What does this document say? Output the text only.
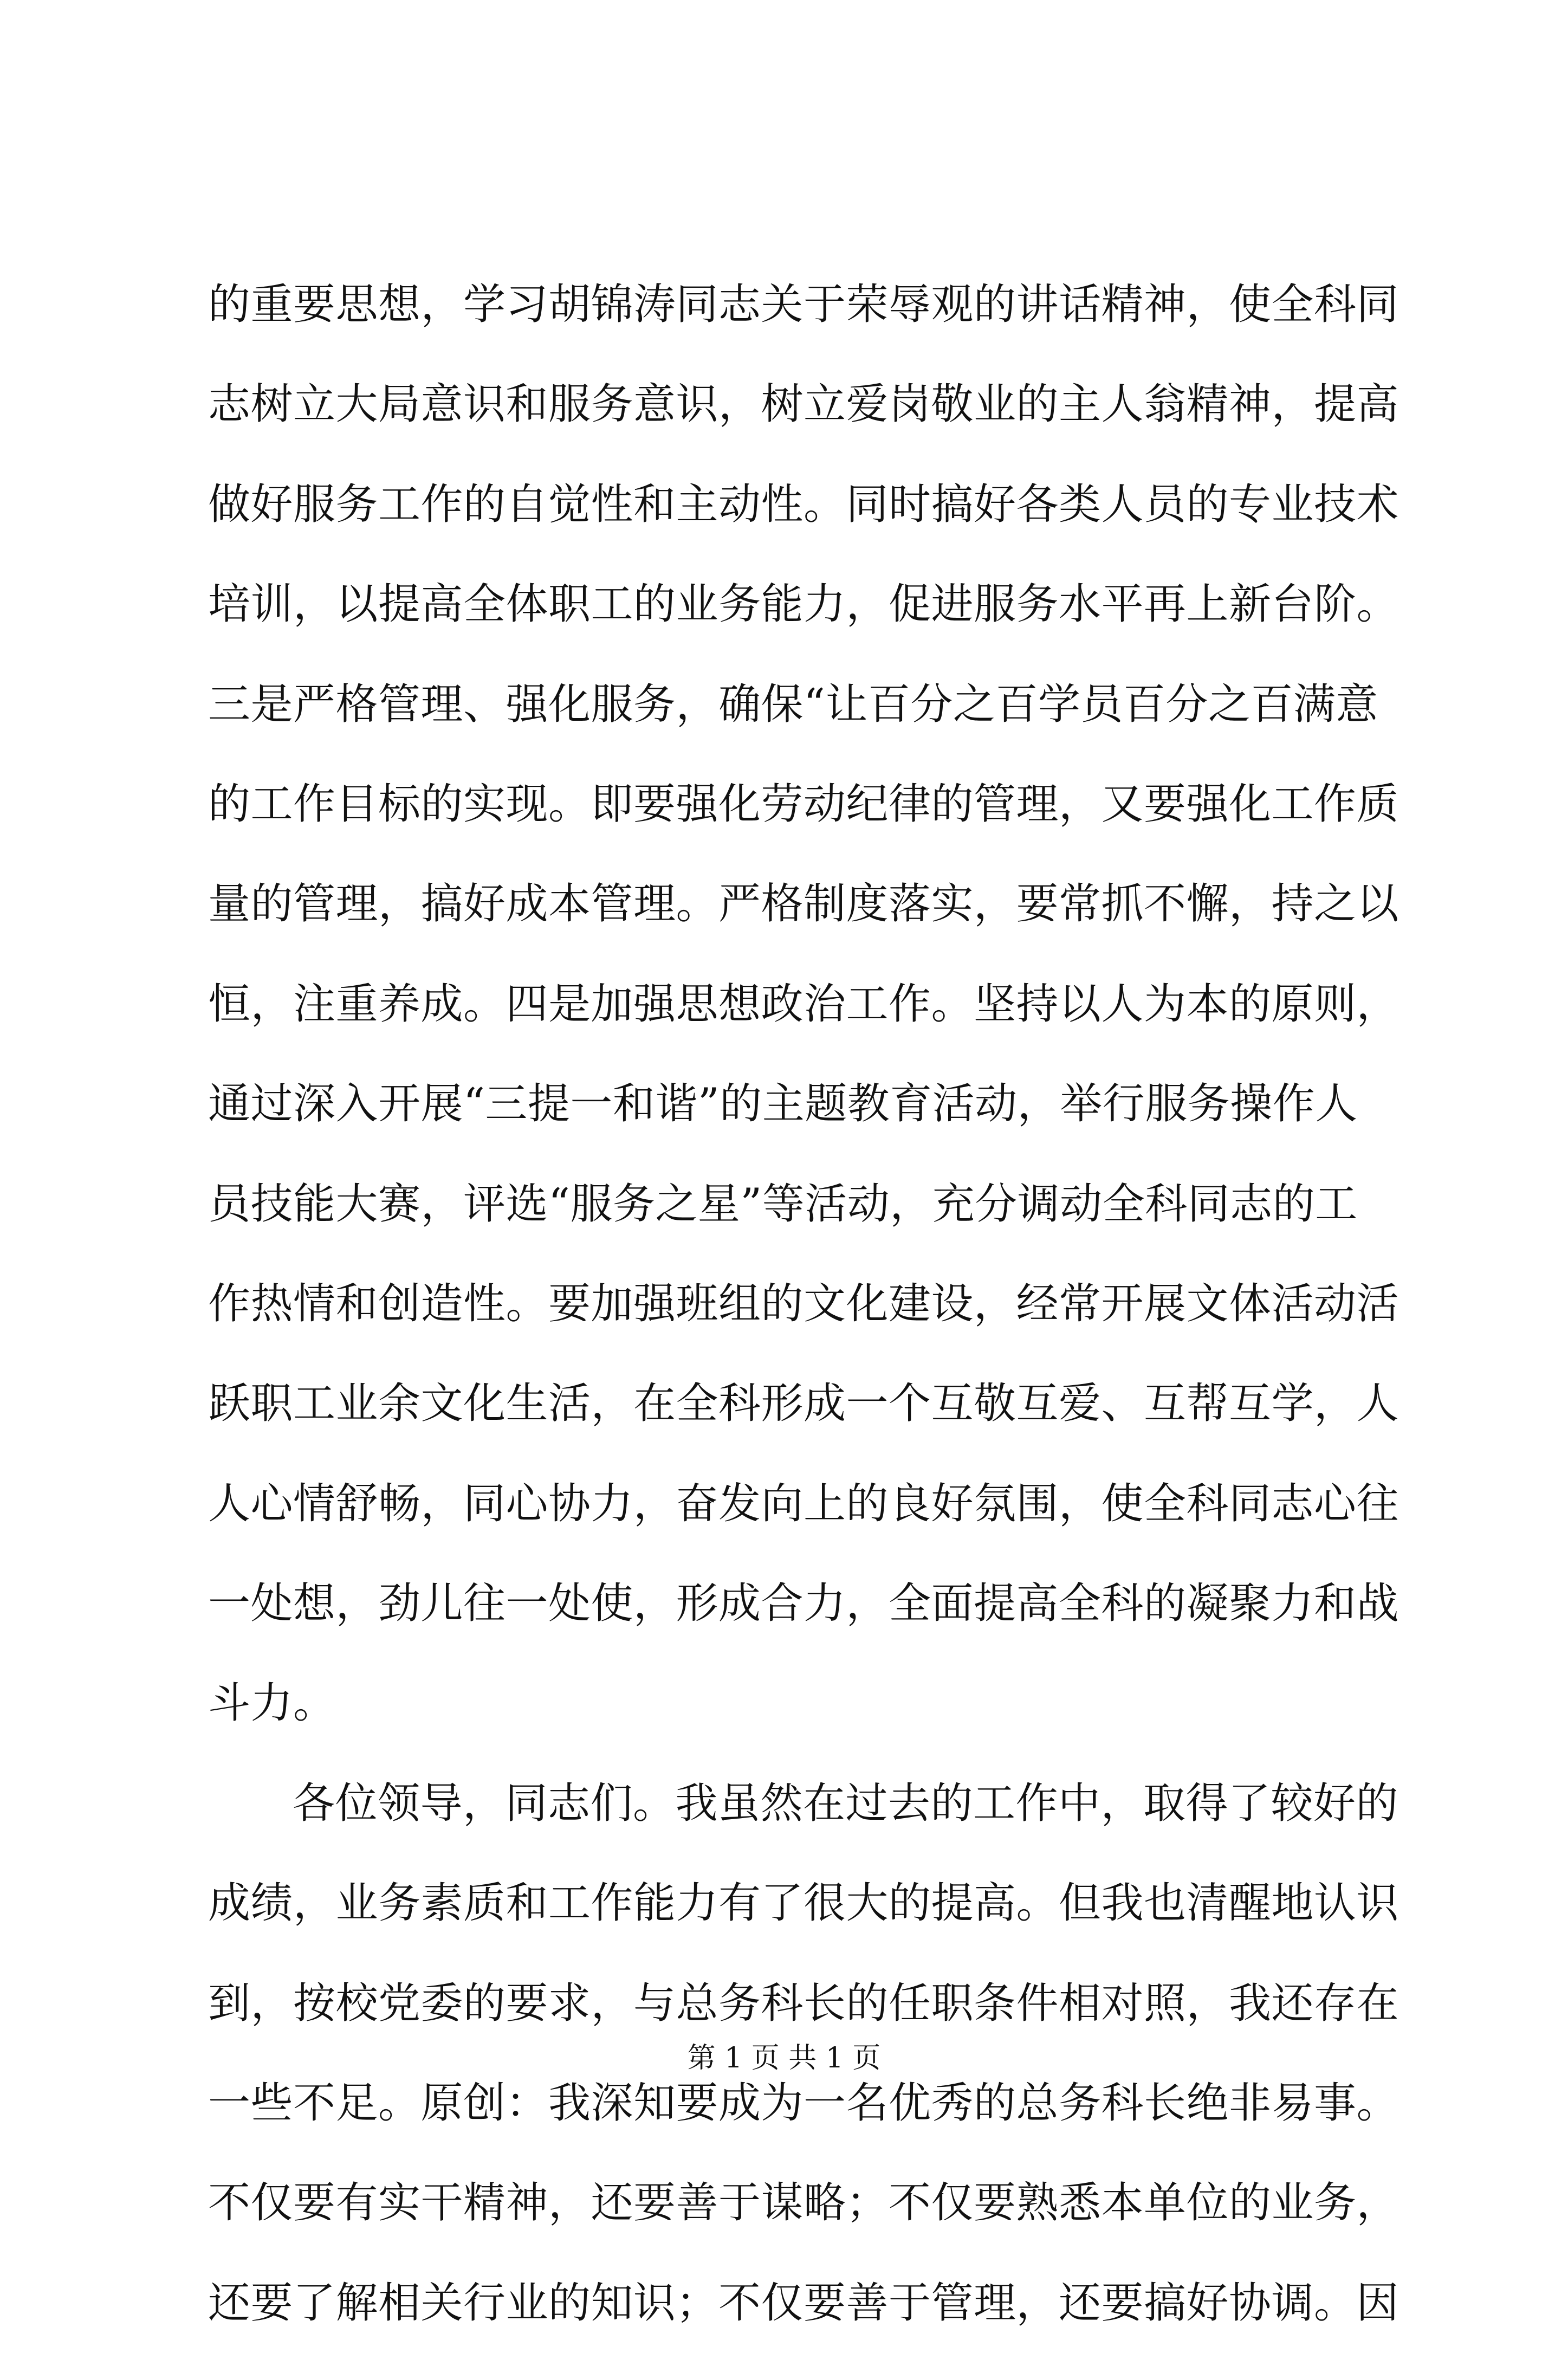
的重要思想，学习胡锦涛同志关于荣辱观的讲话精神，使全科同
志树立大局意识和服务意识，树立爱岗敬业的主人翁精神，提高
做好服务工作的自觉性和主动性。同时搞好各类人员的专业技术
培训，以提高全体职工的业务能力，促进服务水平再上新台阶。
三是严格管理、强化服务，确保“让百分之百学员百分之百满意
的工作目标的实现。即要强化劳动纪律的管理，又要强化工作质
量的管理，搞好成本管理。严格制度落实，要常抓不懈，持之以
恒，注重养成。四是加强思想政治工作。坚持以人为本的原则，
通过深入开展“三提一和谐”的主题教育活动，举行服务操作人
员技能大赛，评选“服务之星”等活动，充分调动全科同志的工
作热情和创造性。要加强班组的文化建设，经常开展文体活动活
跃职工业余文化生活，在全科形成一个互敬互爱、互帮互学，人
人心情舒畅，同心协力，奋发向上的良好氛围，使全科同志心往
一处想，劲儿往一处使，形成合力，全面提高全科的凝聚力和战
斗力。
各位领导，同志们。我虽然在过去的工作中，取得了较好的
成绩，业务素质和工作能力有了很大的提高。但我也清醒地认识
到，按校党委的要求，与总务科长的任职条件相对照，我还存在
一些不足。原创：我深知要成为一名优秀的总务科长绝非易事。
不仅要有实干精神，还要善于谋略；不仅要熟悉本单位的业务，
还要了解相关行业的知识；不仅要善于管理，还要搞好协调。因
第 1 页 共 1 页
